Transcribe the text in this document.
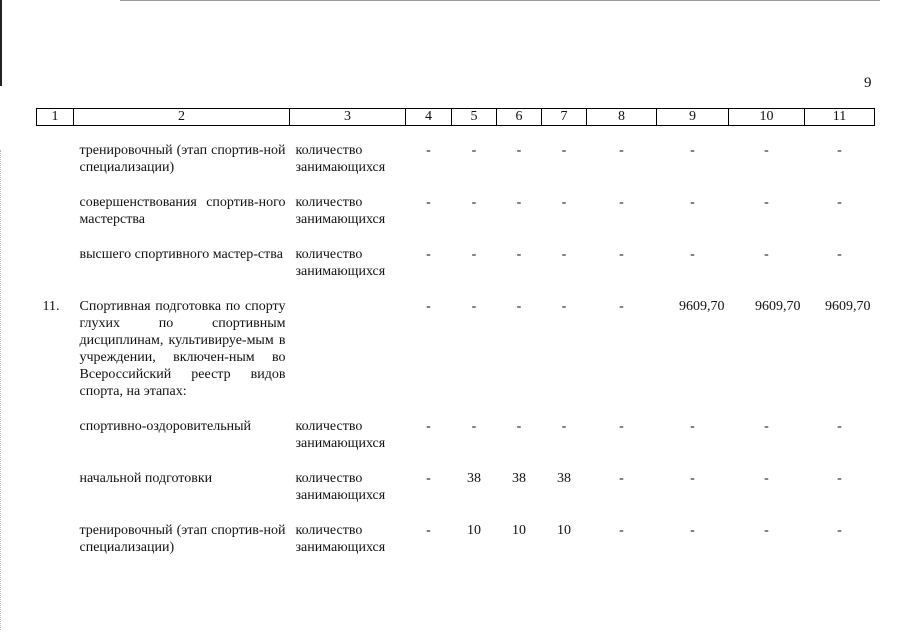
9
1	2	3	4	5	6	7	8	9	10	11

	тренировочный (этап спортив-ной специализации)	количество занимающихся	-	-	-	-	-	-	-	-

	совершенствования спортив-ного мастерства	количество занимающихся	-	-	-	-	-	-	-	-

	высшего спортивного мастер-ства	количество занимающихся	-	-	-	-	-	-	-	-

11.	Спортивная подготовка по спорту глухих по спортивным дисциплинам, культивируе-мым в учреждении, включен-ным во Всероссийский реестр видов спорта, на этапах:		-	-	-	-	-	9609,70	9609,70	9609,70

	спортивно-оздоровительный	количество занимающихся	-	-	-	-	-	-	-	-

	начальной подготовки	количество занимающихся	-	38	38	38	-	-	-	-

	тренировочный (этап спортив-ной специализации)	количество занимающихся	-	10	10	10	-	-	-	-
